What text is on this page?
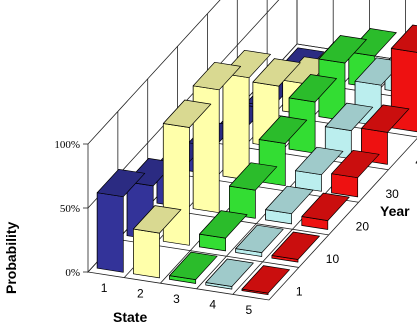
Year
State
Probability	0%
50%
100%
1 2 3 4 5
1
10
20
30
